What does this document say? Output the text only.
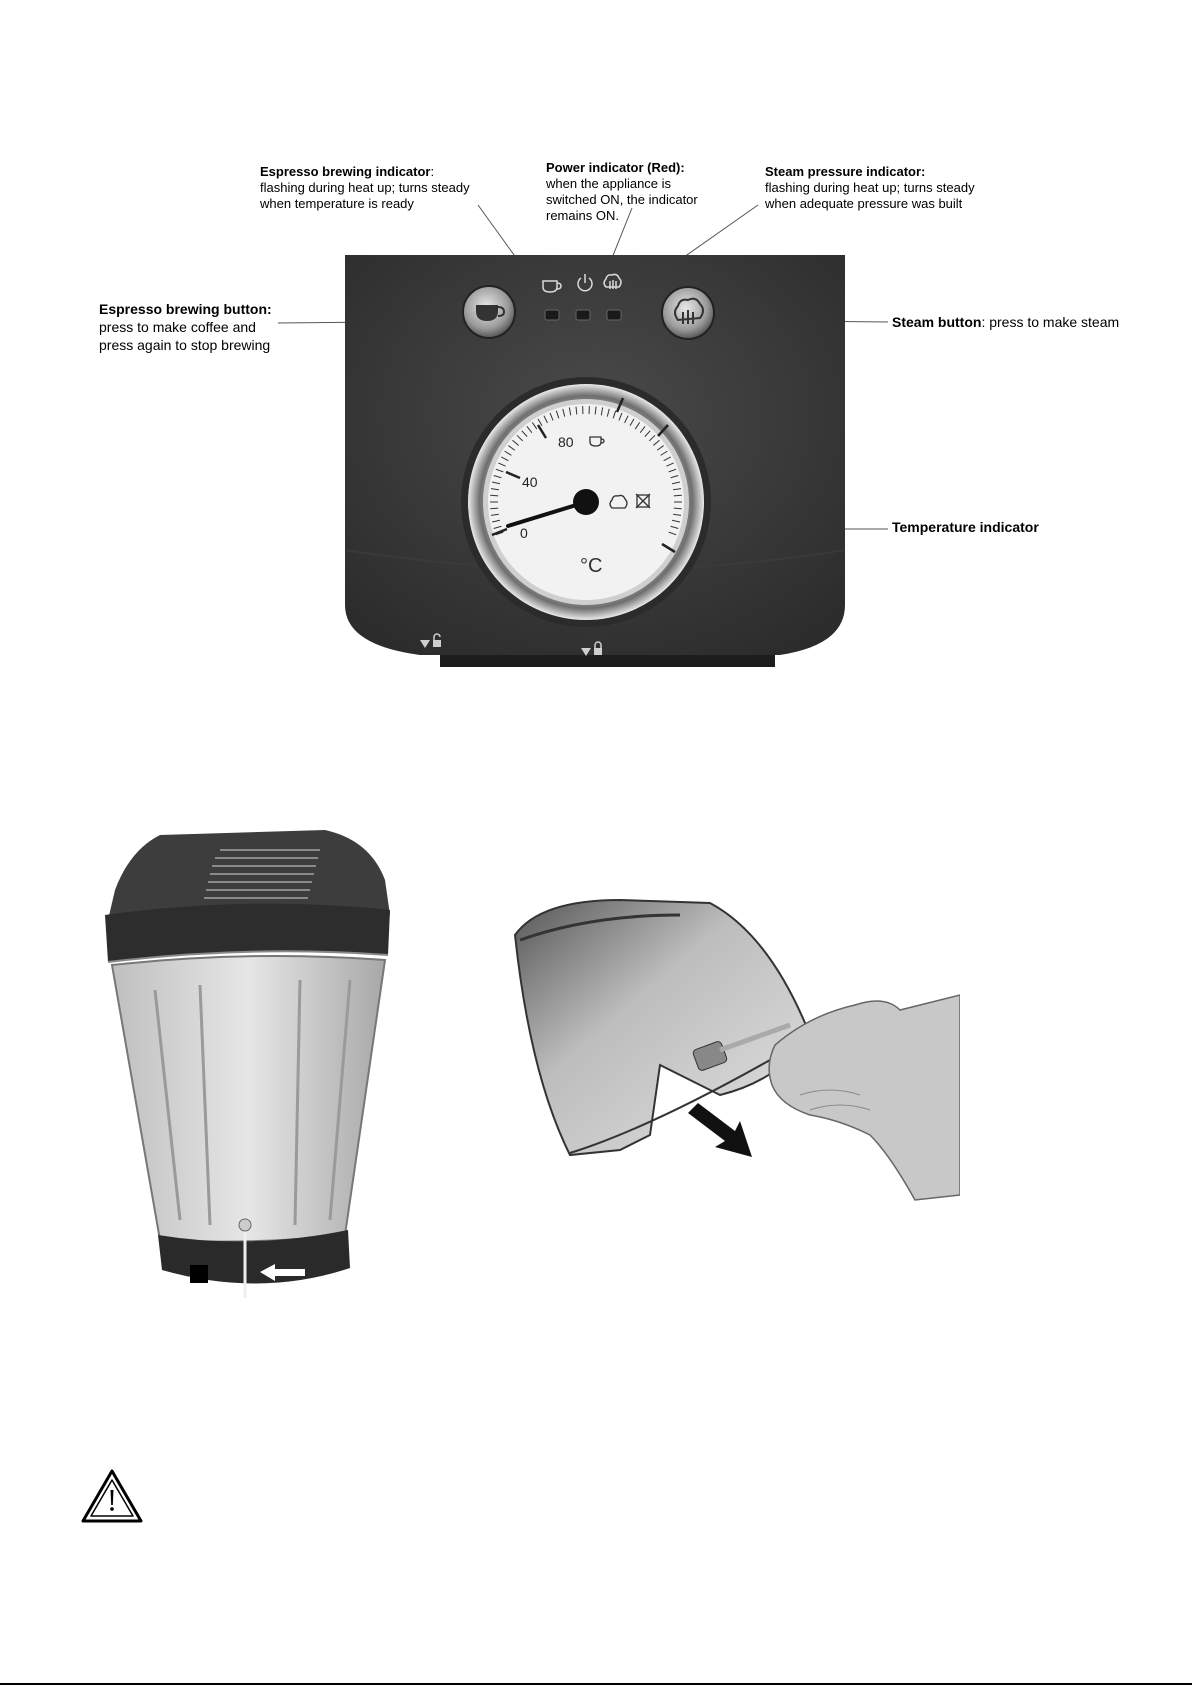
80
40
0
°C
Espresso brewing indicator:
flashing during heat up; turns steady
when temperature is ready
Power indicator (Red):
when the appliance is
switched ON, the indicator
remains ON.
Steam pressure indicator:
flashing during heat up; turns steady
when adequate pressure was built
Espresso brewing button:
press to make coffee and
press again to stop brewing
Steam button: press to make steam
Temperature indicator
